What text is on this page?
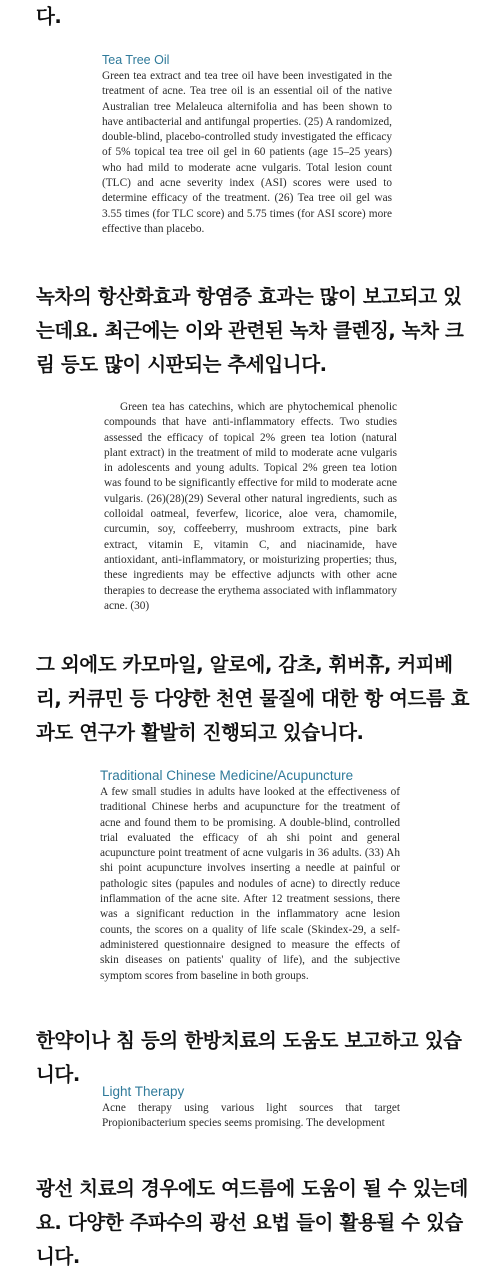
다.

Tea Tree Oil

Green tea extract and tea tree oil have been investigated in the treatment of acne. Tea tree oil is an essential oil of the native Australian tree Melaleuca alternifolia and has been shown to have antibacterial and antifungal properties. (25) A randomized, double-blind, placebo-controlled study investigated the efficacy of 5% topical tea tree oil gel in 60 patients (age 15–25 years) who had mild to moderate acne vulgaris. Total lesion count (TLC) and acne severity index (ASI) scores were used to determine efficacy of the treatment. (26) Tea tree oil gel was 3.55 times (for TLC score) and 5.75 times (for ASI score) more effective than placebo.

녹차의 항산화효과 항염증 효과는 많이 보고되고 있는데요. 최근에는 이와 관련된 녹차 클렌징, 녹차 크림 등도 많이 시판되는 추세입니다.

Green tea has catechins, which are phytochemical phenolic compounds that have anti-inflammatory effects. Two studies assessed the efficacy of topical 2% green tea lotion (natural plant extract) in the treatment of mild to moderate acne vulgaris in adolescents and young adults. Topical 2% green tea lotion was found to be significantly effective for mild to moderate acne vulgaris. (26)(28)(29) Several other natural ingredients, such as colloidal oatmeal, feverfew, licorice, aloe vera, chamomile, curcumin, soy, coffeeberry, mushroom extracts, pine bark extract, vitamin E, vitamin C, and niacinamide, have antioxidant, anti-inflammatory, or moisturizing properties; thus, these ingredients may be effective adjuncts with other acne therapies to decrease the erythema associated with inflammatory acne. (30)

그 외에도 카모마일, 알로에, 감초, 휘버휴, 커피베리, 커큐민 등 다양한 천연 물질에 대한 항 여드름 효과도 연구가 활발히 진행되고 있습니다.

Traditional Chinese Medicine/Acupuncture

A few small studies in adults have looked at the effectiveness of traditional Chinese herbs and acupuncture for the treatment of acne and found them to be promising. A double-blind, controlled trial evaluated the efficacy of ah shi point and general acupuncture point treatment of acne vulgaris in 36 adults. (33) Ah shi point acupuncture involves inserting a needle at painful or pathologic sites (papules and nodules of acne) to directly reduce inflammation of the acne site. After 12 treatment sessions, there was a significant reduction in the inflammatory acne lesion counts, the scores on a quality of life scale (Skindex-29, a self-administered questionnaire designed to measure the effects of skin diseases on patients' quality of life), and the subjective symptom scores from baseline in both groups.

한약이나 침 등의 한방치료의 도움도 보고하고 있습니다.

Light Therapy

Acne therapy using various light sources that target Propionibacterium species seems promising. The development

광선 치료의 경우에도 여드름에 도움이 될 수 있는데요. 다양한 주파수의 광선 요법 들이 활용될 수 있습니다.
